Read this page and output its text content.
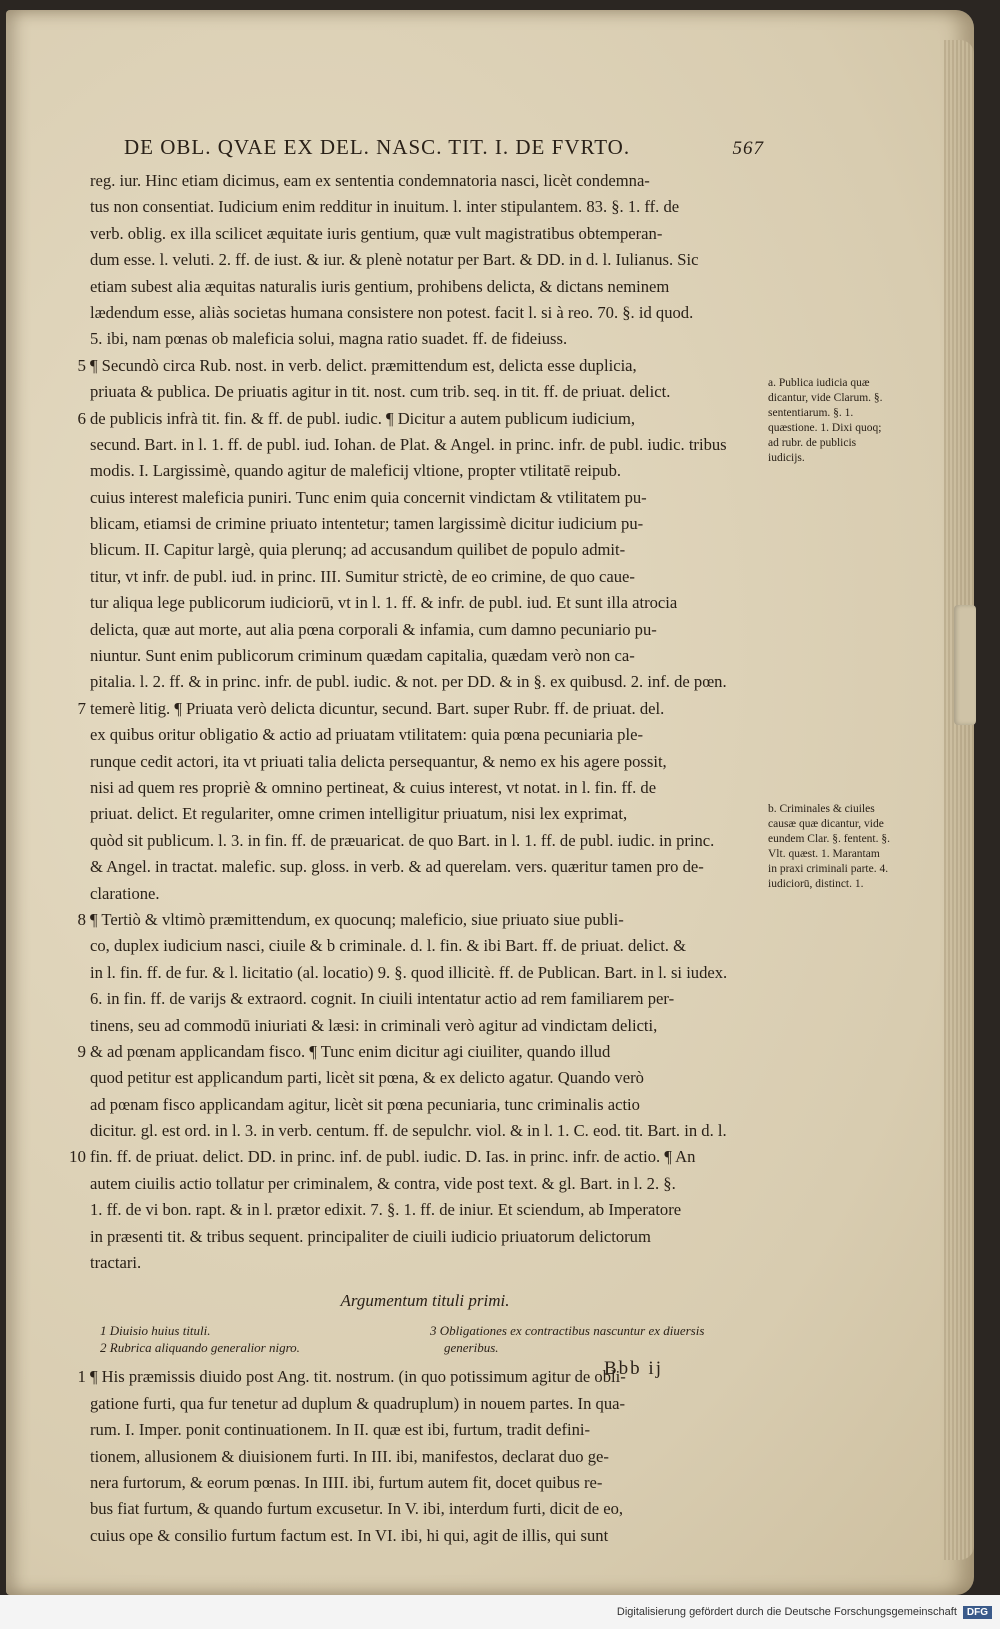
DE OBL. QVAE EX DEL. NASC. TIT. I. DE FVRTO.	567
reg. iur. Hinc etiam dicimus, eam ex sententia condemnatoria nasci, licèt condemna-
tus non consentiat. Iudicium enim redditur in inuitum. l. inter stipulantem. 83. §. 1. ff. de
verb. oblig. ex illa scilicet æquitate iuris gentium, quæ vult magistratibus obtemperan-
dum esse. l. veluti. 2. ff. de iust. & iur. & plenè notatur per Bart. & DD. in d. l. Iulianus. Sic
etiam subest alia æquitas naturalis iuris gentium, prohibens delicta, & dictans neminem
lædendum esse, aliàs societas humana consistere non potest. facit l. si à reo. 70. §. id quod.
5. ibi, nam pœnas ob maleficia solui, magna ratio suadet. ff. de fideiuss.
5 ¶ Secundò circa Rub. nost. in verb. delict. præmittendum est, delicta esse duplicia,
priuata & publica. De priuatis agitur in tit. nost. cum trib. seq. in tit. ff. de priuat. delict.
6 de publicis infrà tit. fin. & ff. de publ. iudic. ¶ Dicitur a autem publicum iudicium,
secund. Bart. in l. 1. ff. de publ. iud. Iohan. de Plat. & Angel. in princ. infr. de publ. iudic. tribus
modis. I. Largissimè, quando agitur de maleficij vltione, propter vtilitatē reipub.
cuius interest maleficia puniri. Tunc enim quia concernit vindictam & vtilitatem pu-
blicam, etiamsi de crimine priuato intentetur; tamen largissimè dicitur iudicium pu-
blicum. II. Capitur largè, quia plerunq; ad accusandum quilibet de populo admit-
titur, vt infr. de publ. iud. in princ. III. Sumitur strictè, de eo crimine, de quo caue-
tur aliqua lege publicorum iudiciorū, vt in l. 1. ff. & infr. de publ. iud. Et sunt illa atrocia
delicta, quæ aut morte, aut alia pœna corporali & infamia, cum damno pecuniario pu-
niuntur. Sunt enim publicorum criminum quædam capitalia, quædam verò non ca-
pitalia. l. 2. ff. & in princ. infr. de publ. iudic. & not. per DD. & in §. ex quibusd. 2. inf. de pœn.
7 temerè litig. ¶ Priuata verò delicta dicuntur, secund. Bart. super Rubr. ff. de priuat. del.
ex quibus oritur obligatio & actio ad priuatam vtilitatem: quia pœna pecuniaria ple-
runque cedit actori, ita vt priuati talia delicta persequantur, & nemo ex his agere possit,
nisi ad quem res propriè & omnino pertineat, & cuius interest, vt notat. in l. fin. ff. de
priuat. delict. Et regulariter, omne crimen intelligitur priuatum, nisi lex exprimat,
quòd sit publicum. l. 3. in fin. ff. de præuaricat. de quo Bart. in l. 1. ff. de publ. iudic. in princ.
& Angel. in tractat. malefic. sup. gloss. in verb. & ad querelam. vers. quæritur tamen pro de-
claratione.
8 ¶ Tertiò & vltimò præmittendum, ex quocunq; maleficio, siue priuato siue publi-
co, duplex iudicium nasci, ciuile & b criminale. d. l. fin. & ibi Bart. ff. de priuat. delict. &
in l. fin. ff. de fur. & l. licitatio (al. locatio) 9. §. quod illicitè. ff. de Publican. Bart. in l. si iudex.
6. in fin. ff. de varijs & extraord. cognit. In ciuili intentatur actio ad rem familiarem per-
tinens, seu ad commodū iniuriati & læsi: in criminali verò agitur ad vindictam delicti,
9 & ad pœnam applicandam fisco. ¶ Tunc enim dicitur agi ciuiliter, quando illud
quod petitur est applicandum parti, licèt sit pœna, & ex delicto agatur. Quando verò
ad pœnam fisco applicandam agitur, licèt sit pœna pecuniaria, tunc criminalis actio
dicitur. gl. est ord. in l. 3. in verb. centum. ff. de sepulchr. viol. & in l. 1. C. eod. tit. Bart. in d. l.
10 fin. ff. de priuat. delict. DD. in princ. inf. de publ. iudic. D. Ias. in princ. infr. de actio. ¶ An
autem ciuilis actio tollatur per criminalem, & contra, vide post text. & gl. Bart. in l. 2. §.
1. ff. de vi bon. rapt. & in l. prætor edixit. 7. §. 1. ff. de iniur. Et sciendum, ab Imperatore
in præsenti tit. & tribus sequent. principaliter de ciuili iudicio priuatorum delictorum
tractari.
Argumentum tituli primi.
1 Diuisio huius tituli.
2 Rubrica aliquando generalior nigro.
3 Obligationes ex contractibus nascuntur ex diuersis
generibus.
1 ¶ His præmissis diuido post Ang. tit. nostrum. (in quo potissimum agitur de obli-
gatione furti, qua fur tenetur ad duplum & quadruplum) in nouem partes. In qua-
rum. I. Imper. ponit continuationem. In II. quæ est ibi, furtum, tradit defini-
tionem, allusionem & diuisionem furti. In III. ibi, manifestos, declarat duo ge-
nera furtorum, & eorum pœnas. In IIII. ibi, furtum autem fit, docet quibus re-
bus fiat furtum, & quando furtum excusetur. In V. ibi, interdum furti, dicit de eo,
cuius ope & consilio furtum factum est. In VI. ibi, hi qui, agit de illis, qui sunt
a. Publica iudicia quæ dicantur, vide Clarum. §. sententiarum. §. 1. quæstione. 1. Dixi quoq; ad rubr. de publicis iudicijs.
b. Criminales & ciuiles causæ quæ dicantur, vide eundem Clar. §. fentent. §. Vlt. quæst. 1. Marantam in praxi criminali parte. 4. iudiciorū, distinct. 1.
Bbb ij
Digitalisierung gefördert durch die Deutsche Forschungsgemeinschaft	DFG
